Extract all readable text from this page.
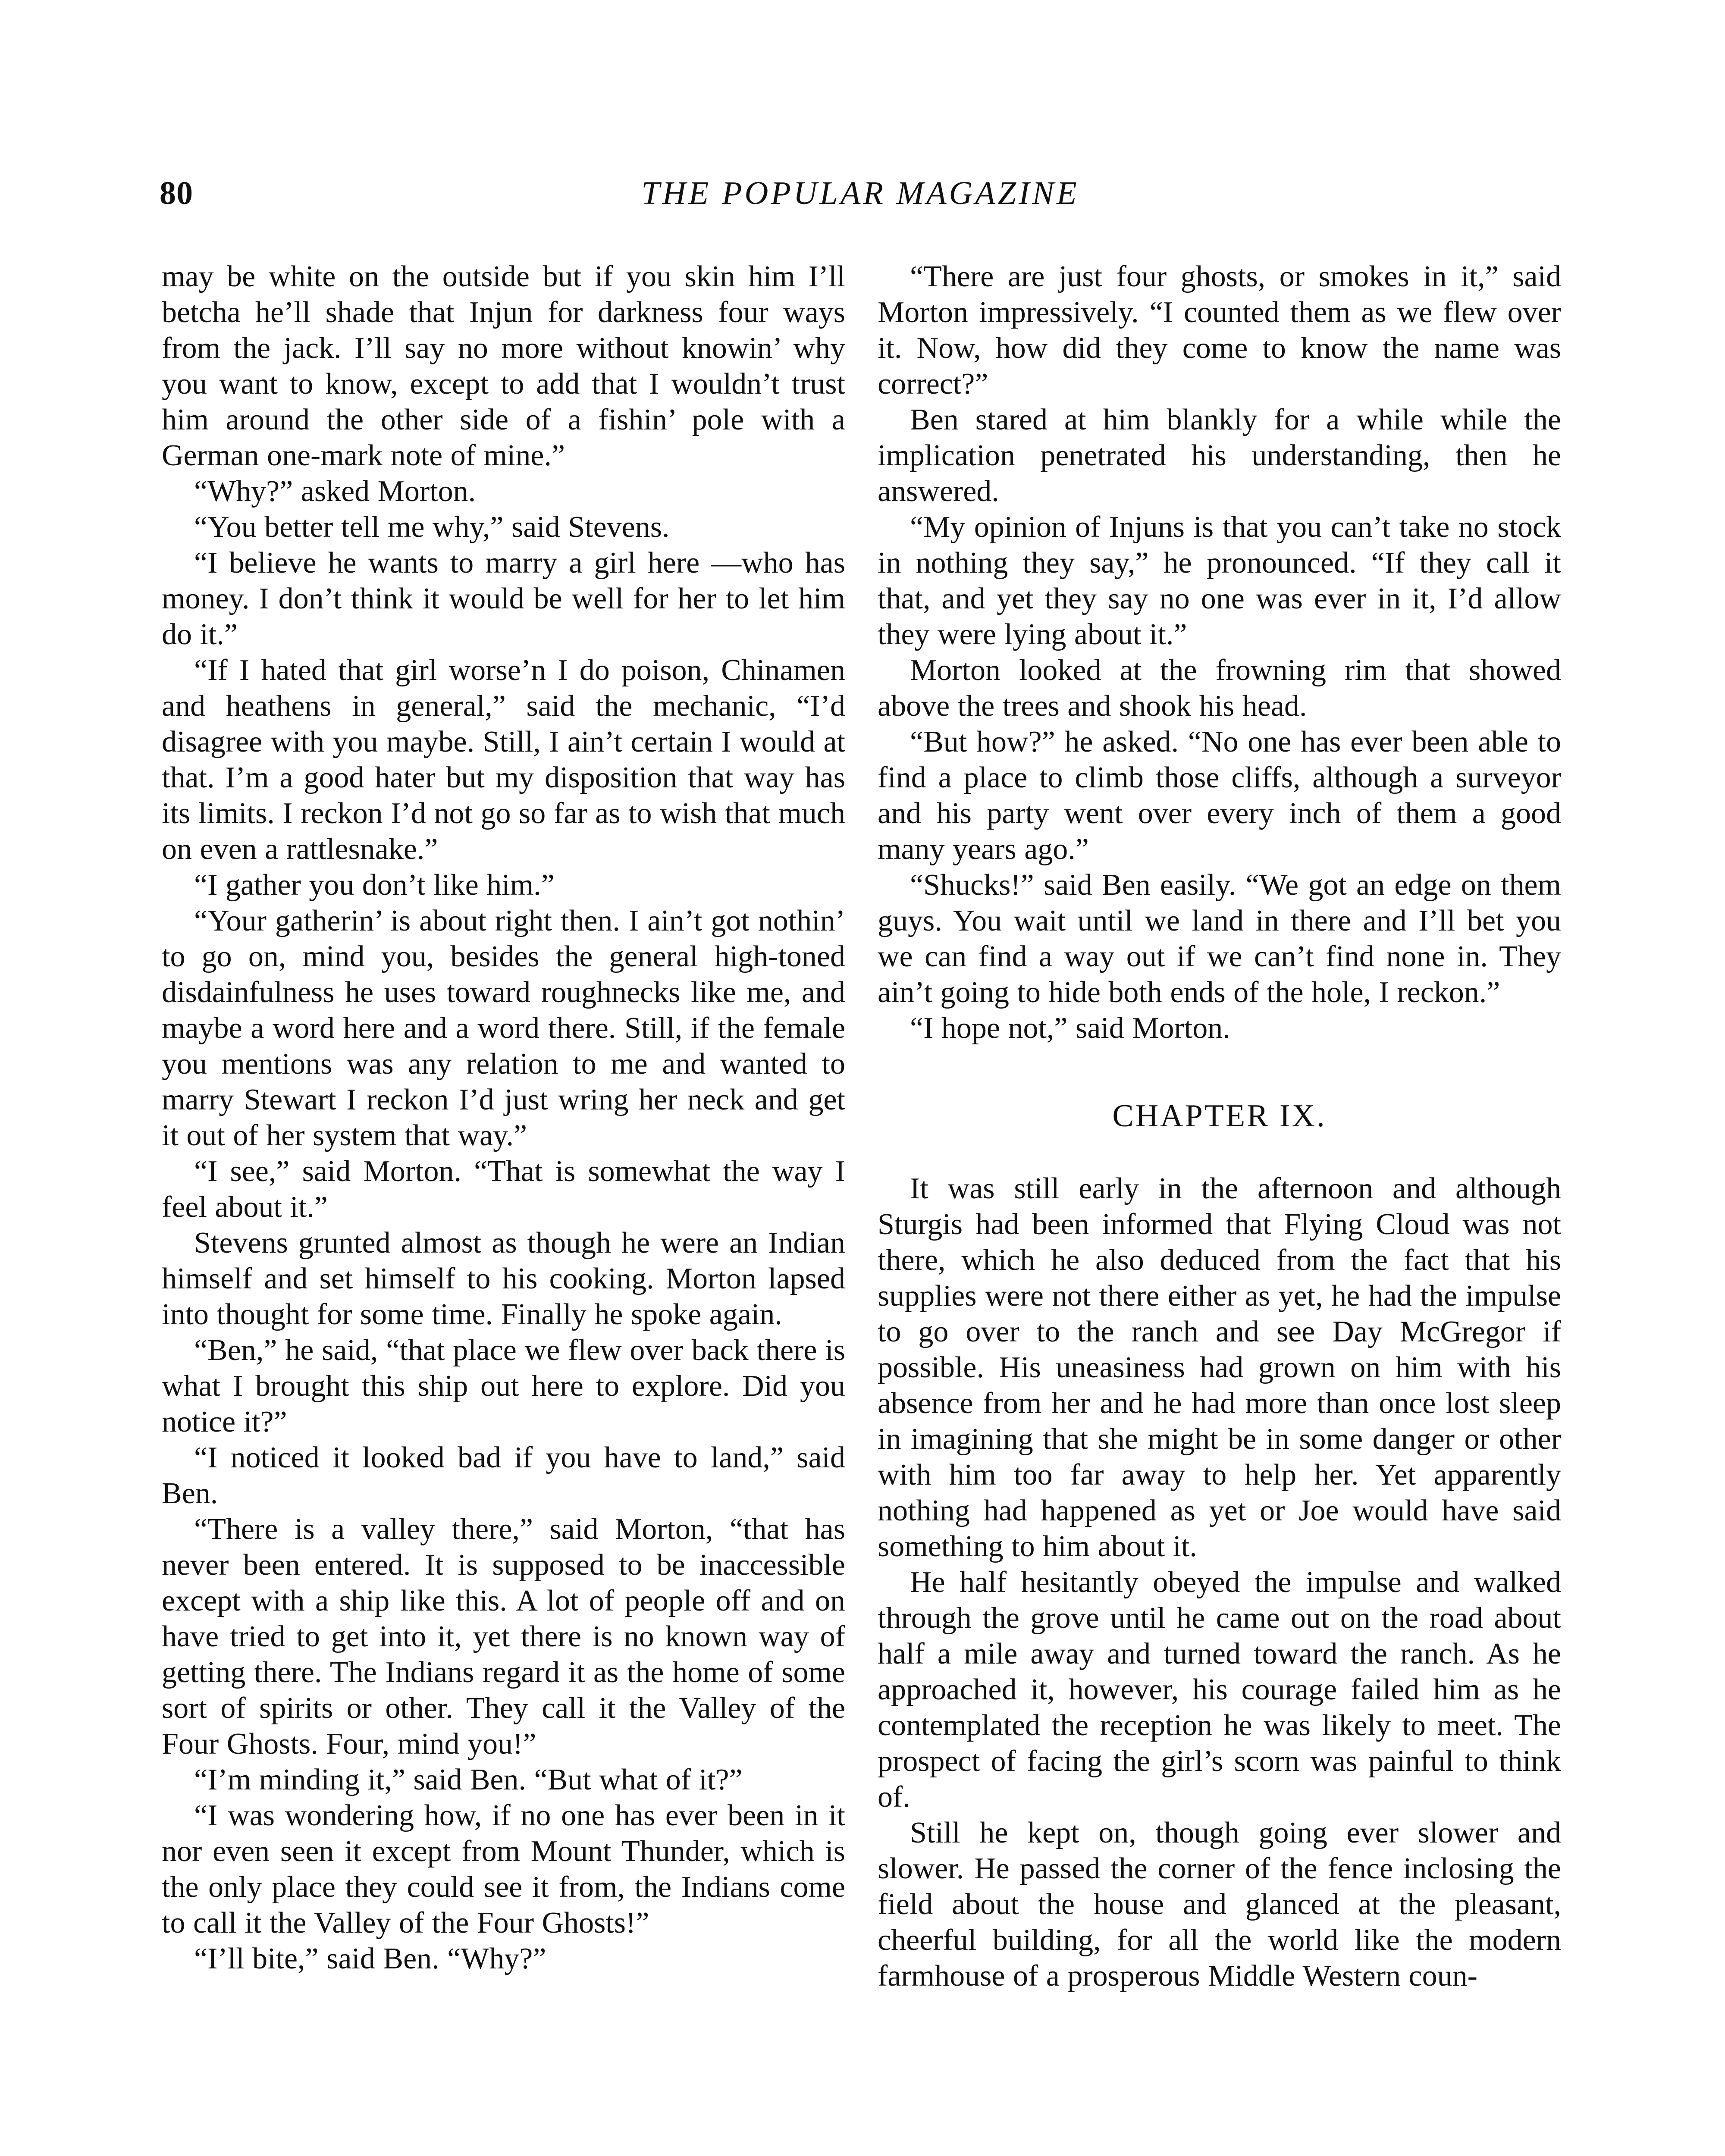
80	THE POPULAR MAGAZINE

may be white on the outside but if you skin him I’ll betcha he’ll shade that Injun for darkness four ways from the jack. I’ll say no more without knowin’ why you want to know, except to add that I wouldn’t trust him around the other side of a fishin’ pole with a German one-mark note of mine.”

“Why?” asked Morton.

“You better tell me why,” said Stevens.

“I believe he wants to marry a girl here —who has money. I don’t think it would be well for her to let him do it.”

“If I hated that girl worse’n I do poison, Chinamen and heathens in general,” said the mechanic, “I’d disagree with you maybe. Still, I ain’t certain I would at that. I’m a good hater but my disposition that way has its limits. I reckon I’d not go so far as to wish that much on even a rattlesnake.”

“I gather you don’t like him.”

“Your gatherin’ is about right then. I ain’t got nothin’ to go on, mind you, besides the general high-toned disdainfulness he uses toward roughnecks like me, and maybe a word here and a word there. Still, if the female you mentions was any relation to me and wanted to marry Stewart I reckon I’d just wring her neck and get it out of her system that way.”

“I see,” said Morton. “That is somewhat the way I feel about it.”

Stevens grunted almost as though he were an Indian himself and set himself to his cooking. Morton lapsed into thought for some time. Finally he spoke again.

“Ben,” he said, “that place we flew over back there is what I brought this ship out here to explore. Did you notice it?”

“I noticed it looked bad if you have to land,” said Ben.

“There is a valley there,” said Morton, “that has never been entered. It is supposed to be inaccessible except with a ship like this. A lot of people off and on have tried to get into it, yet there is no known way of getting there. The Indians regard it as the home of some sort of spirits or other. They call it the Valley of the Four Ghosts. Four, mind you!”

“I’m minding it,” said Ben. “But what of it?”

“I was wondering how, if no one has ever been in it nor even seen it except from Mount Thunder, which is the only place they could see it from, the Indians come to call it the Valley of the Four Ghosts!”

“I’ll bite,” said Ben. “Why?”

“There are just four ghosts, or smokes in it,” said Morton impressively. “I counted them as we flew over it. Now, how did they come to know the name was correct?”

Ben stared at him blankly for a while while the implication penetrated his understanding, then he answered.

“My opinion of Injuns is that you can’t take no stock in nothing they say,” he pronounced. “If they call it that, and yet they say no one was ever in it, I’d allow they were lying about it.”

Morton looked at the frowning rim that showed above the trees and shook his head.

“But how?” he asked. “No one has ever been able to find a place to climb those cliffs, although a surveyor and his party went over every inch of them a good many years ago.”

“Shucks!” said Ben easily. “We got an edge on them guys. You wait until we land in there and I’ll bet you we can find a way out if we can’t find none in. They ain’t going to hide both ends of the hole, I reckon.”

“I hope not,” said Morton.

CHAPTER IX.

It was still early in the afternoon and although Sturgis had been informed that Flying Cloud was not there, which he also deduced from the fact that his supplies were not there either as yet, he had the impulse to go over to the ranch and see Day McGregor if possible. His uneasiness had grown on him with his absence from her and he had more than once lost sleep in imagining that she might be in some danger or other with him too far away to help her. Yet apparently nothing had happened as yet or Joe would have said something to him about it.

He half hesitantly obeyed the impulse and walked through the grove until he came out on the road about half a mile away and turned toward the ranch. As he approached it, however, his courage failed him as he contemplated the reception he was likely to meet. The prospect of facing the girl’s scorn was painful to think of.

Still he kept on, though going ever slower and slower. He passed the corner of the fence inclosing the field about the house and glanced at the pleasant, cheerful building, for all the world like the modern farmhouse of a prosperous Middle Western coun-
